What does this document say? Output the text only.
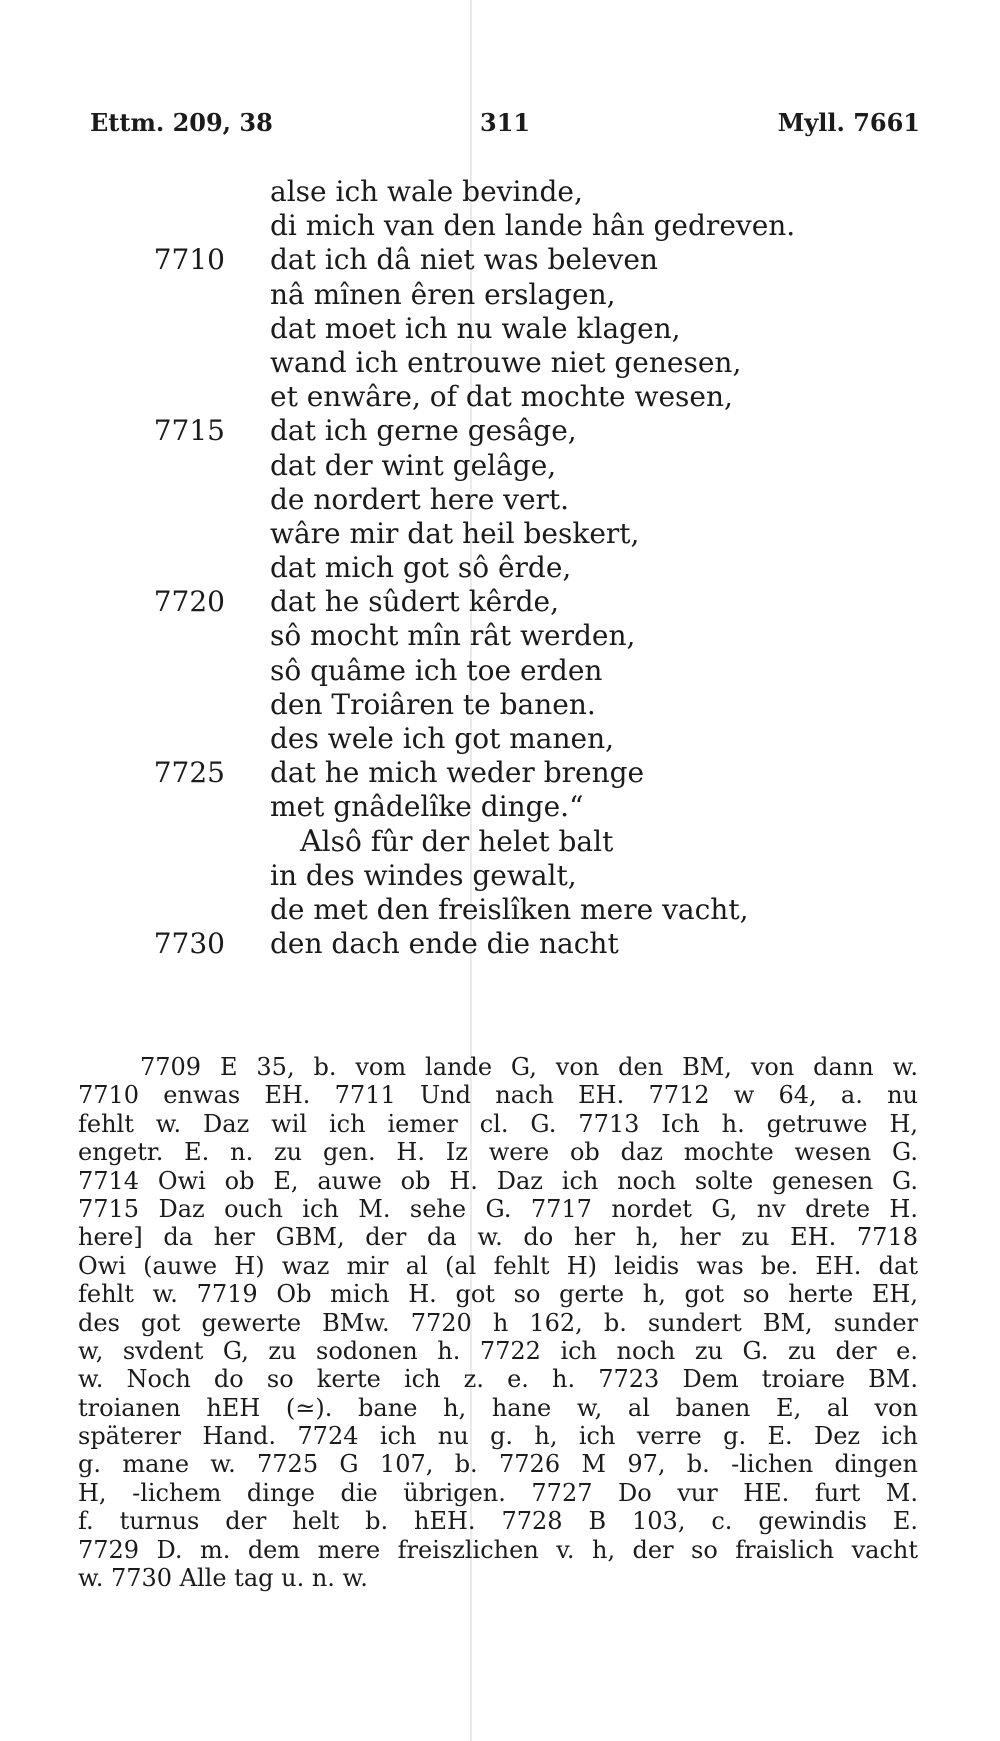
Ettm. 209, 38	311	Myll. 7661
alse ich wale bevinde,
di mich van den lande hân gedreven.
7710	dat ich dâ niet was beleven
nâ mînen êren erslagen,
dat moet ich nu wale klagen,
wand ich entrouwe niet genesen,
et enwâre, of dat mochte wesen,
7715	dat ich gerne gesâge,
dat der wint gelâge,
de nordert here vert.
wâre mir dat heil beskert,
dat mich got sô êrde,
7720	dat he sûdert kêrde,
sô mocht mîn rât werden,
sô quâme ich toe erden
den Troiâren te banen.
des wele ich got manen,
7725	dat he mich weder brenge
met gnâdelîke dinge.“
Alsô fûr der helet balt
in des windes gewalt,
de met den freislîken mere vacht,
7730	den dach ende die nacht
7709 E 35, b. vom lande G, von den BM, von dann w.
7710 enwas EH. 7711 Und nach EH. 7712 w 64, a. nu
fehlt w. Daz wil ich iemer cl. G. 7713 Ich h. getruwe H,
engetr. E. n. zu gen. H. Iz were ob daz mochte wesen G.
7714 Owi ob E, auwe ob H. Daz ich noch solte genesen G.
7715 Daz ouch ich M. sehe G. 7717 nordet G, nv drete H.
here] da her GBM, der da w. do her h, her zu EH. 7718
Owi (auwe H) waz mir al (al fehlt H) leidis was be. EH. dat
fehlt w. 7719 Ob mich H. got so gerte h, got so herte EH,
des got gewerte BMw. 7720 h 162, b. sundert BM, sunder
w, svdent G, zu sodonen h. 7722 ich noch zu G. zu der e.
w. Noch do so kerte ich z. e. h. 7723 Dem troiare BM.
troianen hEH (≃). bane h, hane w, al banen E, al von
späterer Hand. 7724 ich nu g. h, ich verre g. E. Dez ich
g. mane w. 7725 G 107, b. 7726 M 97, b. -lichen dingen
H, -lichem dinge die übrigen. 7727 Do vur HE. furt M.
f. turnus der helt b. hEH. 7728 B 103, c. gewindis E.
7729 D. m. dem mere freiszlichen v. h, der so fraislich vacht
w. 7730 Alle tag u. n. w.
